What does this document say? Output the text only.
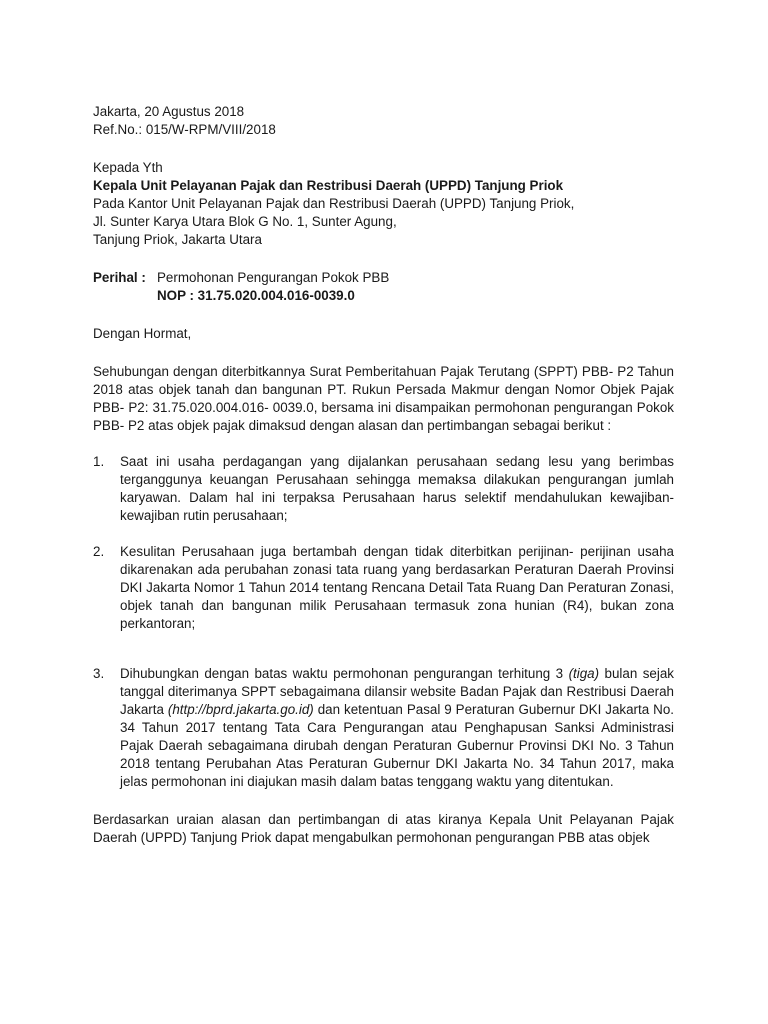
Jakarta, 20 Agustus 2018
Ref.No.: 015/W-RPM/VIII/2018
Kepada Yth
Kepala Unit Pelayanan Pajak dan Restribusi Daerah (UPPD) Tanjung Priok
Pada Kantor Unit Pelayanan Pajak dan Restribusi Daerah (UPPD) Tanjung Priok,
Jl. Sunter Karya Utara Blok G No. 1, Sunter Agung,
Tanjung Priok, Jakarta Utara
Perihal : Permohonan Pengurangan Pokok PBB
NOP : 31.75.020.004.016-0039.0
Dengan Hormat,
Sehubungan dengan diterbitkannya Surat Pemberitahuan Pajak Terutang (SPPT) PBB- P2 Tahun 2018 atas objek tanah dan bangunan PT. Rukun Persada Makmur dengan Nomor Objek Pajak PBB- P2: 31.75.020.004.016- 0039.0, bersama ini disampaikan permohonan pengurangan Pokok PBB- P2 atas objek pajak dimaksud dengan alasan dan pertimbangan sebagai berikut :
1.	Saat ini usaha perdagangan yang dijalankan perusahaan sedang lesu yang berimbas terganggunya keuangan Perusahaan sehingga memaksa dilakukan pengurangan jumlah karyawan. Dalam hal ini terpaksa Perusahaan harus selektif mendahulukan kewajiban-kewajiban rutin perusahaan;
2.	Kesulitan Perusahaan juga bertambah dengan tidak diterbitkan perijinan- perijinan usaha dikarenakan ada perubahan zonasi tata ruang yang berdasarkan Peraturan Daerah Provinsi DKI Jakarta Nomor 1 Tahun 2014 tentang Rencana Detail Tata Ruang Dan Peraturan Zonasi, objek tanah dan bangunan milik Perusahaan termasuk zona hunian (R4), bukan zona perkantoran;
3.	Dihubungkan dengan batas waktu permohonan pengurangan terhitung 3 (tiga) bulan sejak tanggal diterimanya SPPT sebagaimana dilansir website Badan Pajak dan Restribusi Daerah Jakarta (http://bprd.jakarta.go.id) dan ketentuan Pasal 9 Peraturan Gubernur DKI Jakarta No. 34 Tahun 2017 tentang Tata Cara Pengurangan atau Penghapusan Sanksi Administrasi Pajak Daerah sebagaimana dirubah dengan Peraturan Gubernur Provinsi DKI No. 3 Tahun 2018 tentang Perubahan Atas Peraturan Gubernur DKI Jakarta No. 34 Tahun 2017, maka jelas permohonan ini diajukan masih dalam batas tenggang waktu yang ditentukan.
Berdasarkan uraian alasan dan pertimbangan di atas kiranya Kepala Unit Pelayanan Pajak Daerah (UPPD) Tanjung Priok dapat mengabulkan permohonan pengurangan PBB atas objek
